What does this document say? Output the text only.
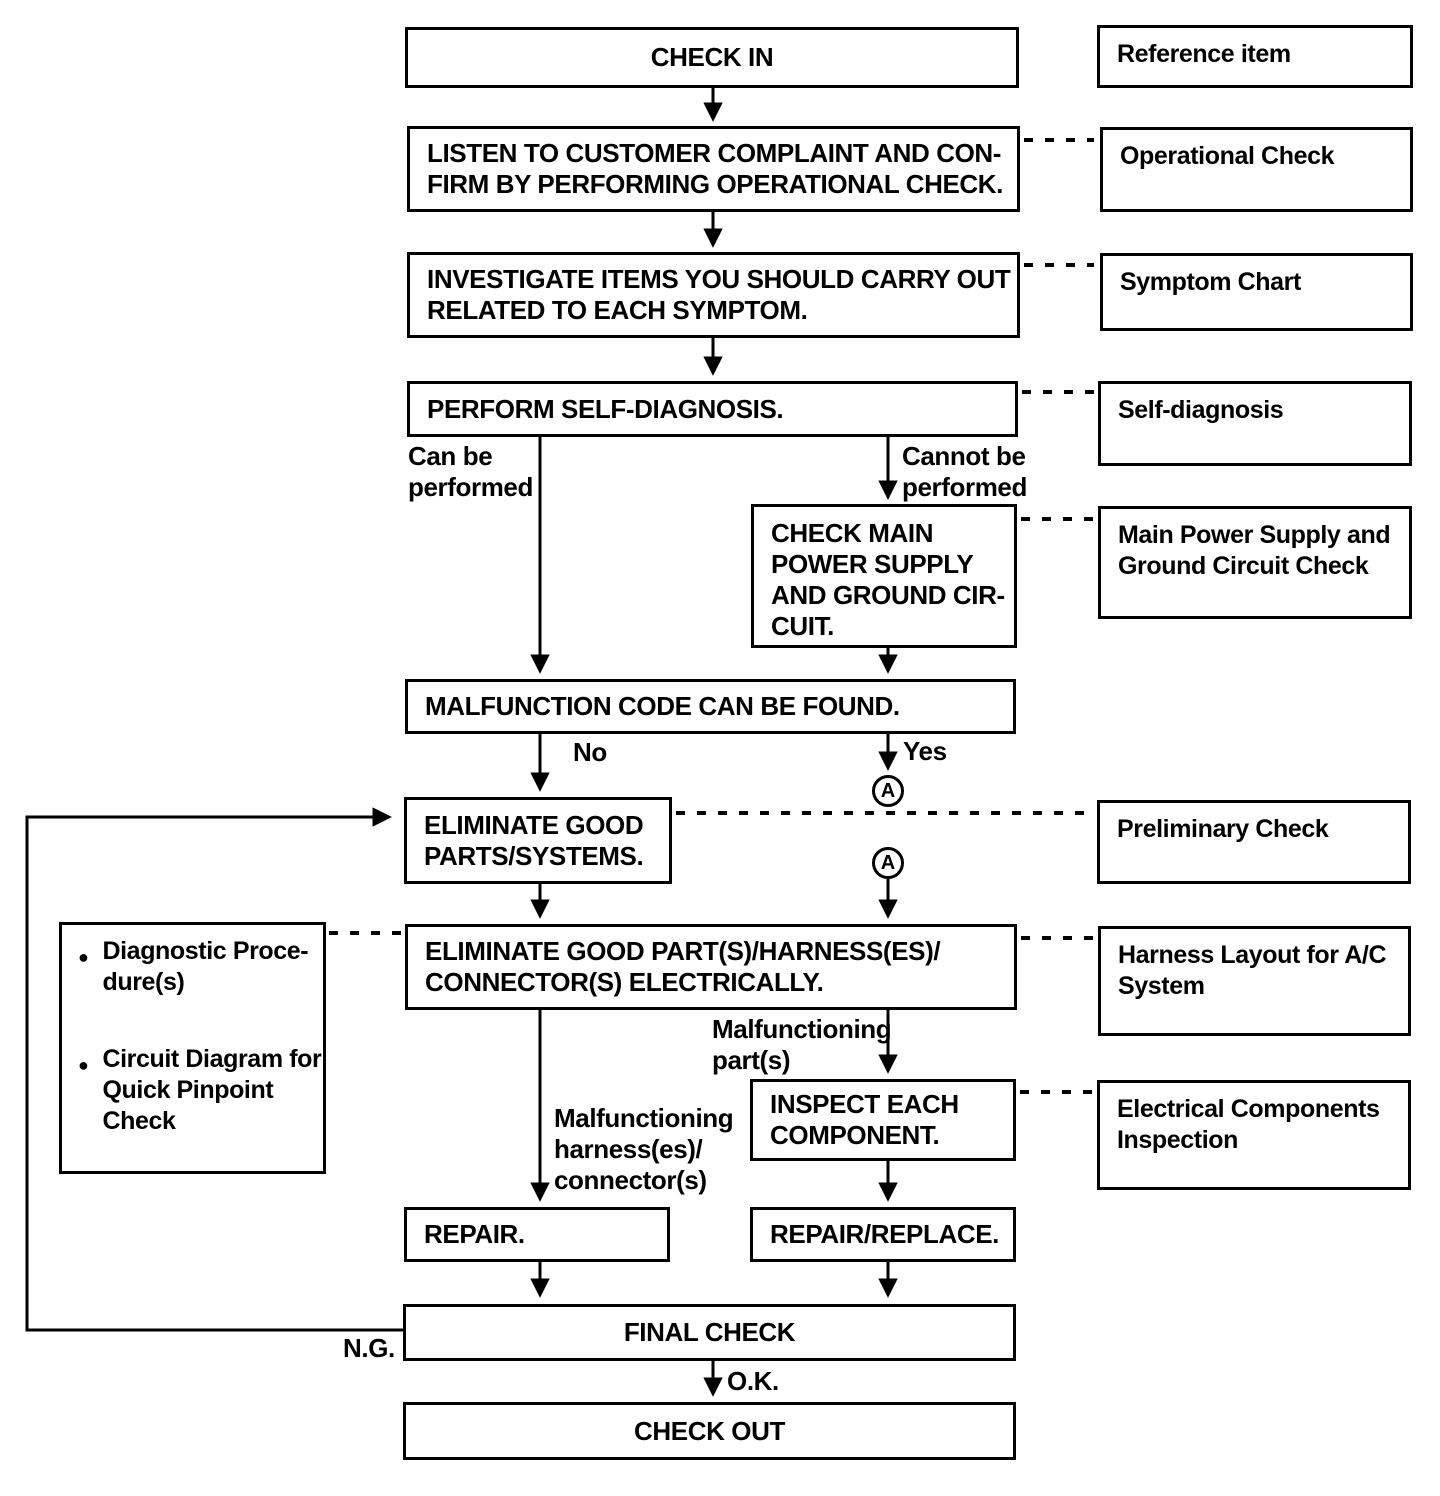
CHECK IN
LISTEN TO CUSTOMER COMPLAINT AND CON-
FIRM BY PERFORMING OPERATIONAL CHECK.
INVESTIGATE ITEMS YOU SHOULD CARRY OUT
RELATED TO EACH SYMPTOM.
PERFORM SELF-DIAGNOSIS.
CHECK MAIN
POWER SUPPLY
AND GROUND CIR-
CUIT.
MALFUNCTION CODE CAN BE FOUND.
ELIMINATE GOOD
PARTS/SYSTEMS.
ELIMINATE GOOD PART(S)/HARNESS(ES)/
CONNECTOR(S) ELECTRICALLY.
INSPECT EACH
COMPONENT.
REPAIR.	REPAIR/REPLACE.
FINAL CHECK
CHECK OUT
Reference item
Operational Check
Symptom Chart
Self-diagnosis
Main Power Supply and
Ground Circuit Check
Preliminary Check
Harness Layout for A/C
System
Electrical Components
Inspection
● Diagnostic Proce-
dure(s)
● Circuit Diagram for
Quick Pinpoint
Check
Can be
performed
Cannot be
performed
No	Yes
Malfunctioning
part(s)
Malfunctioning
harness(es)/
connector(s)
N.G.
O.K.
A
A
